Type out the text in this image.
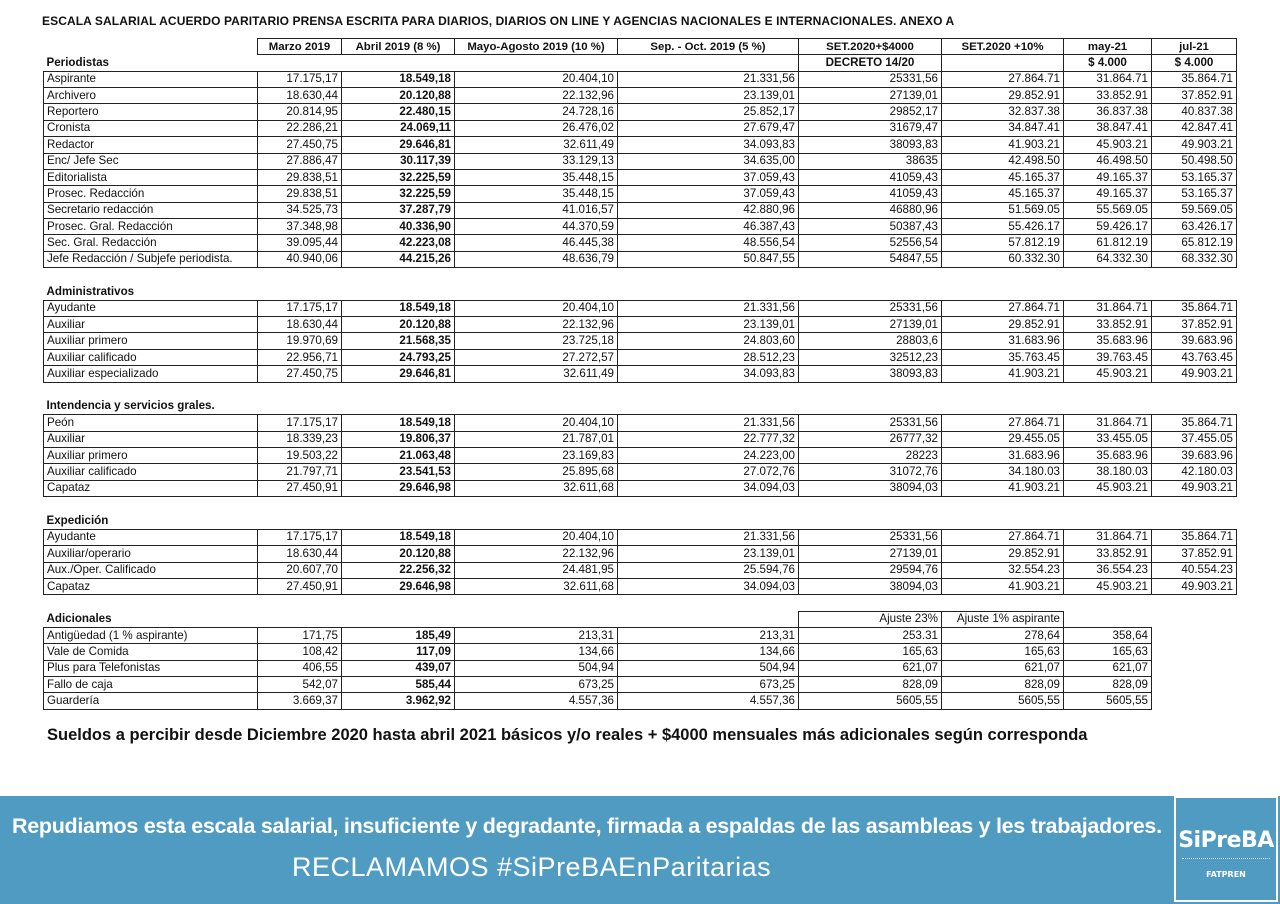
ESCALA SALARIAL ACUERDO PARITARIO PRENSA ESCRITA PARA DIARIOS, DIARIOS ON LINE Y AGENCIAS NACIONALES E INTERNACIONALES. ANEXO A
	Marzo 2019	Abril 2019 (8 %)	Mayo-Agosto 2019 (10 %)	Sep. - Oct. 2019 (5 %)	SET.2020+$4000	SET.2020 +10%	may-21	jul-21
Periodistas					DECRETO 14/20		$ 4.000	$ 4.000
Aspirante	17.175,17	18.549,18	20.404,10	21.331,56	25331,56	27.864.71	31.864.71	35.864.71
Archivero	18.630,44	20.120,88	22.132,96	23.139,01	27139,01	29.852.91	33.852.91	37.852.91
Reportero	20.814,95	22.480,15	24.728,16	25.852,17	29852,17	32.837.38	36.837.38	40.837.38
Cronista	22.286,21	24.069,11	26.476,02	27.679,47	31679,47	34.847.41	38.847.41	42.847.41
Redactor	27.450,75	29.646,81	32.611,49	34.093,83	38093,83	41.903.21	45.903.21	49.903.21
Enc/ Jefe Sec	27.886,47	30.117,39	33.129,13	34.635,00	38635	42.498.50	46.498.50	50.498.50
Editorialista	29.838,51	32.225,59	35.448,15	37.059,43	41059,43	45.165.37	49.165.37	53.165.37
Prosec. Redacción	29.838,51	32.225,59	35.448,15	37.059,43	41059,43	45.165.37	49.165.37	53.165.37
Secretario redacción	34.525,73	37.287,79	41.016,57	42.880,96	46880,96	51.569.05	55.569.05	59.569.05
Prosec. Gral. Redacción	37.348,98	40.336,90	44.370,59	46.387,43	50387,43	55.426.17	59.426.17	63.426.17
Sec. Gral. Redacción	39.095,44	42.223,08	46.445,38	48.556,54	52556,54	57.812.19	61.812.19	65.812.19
Jefe Redacción / Subjefe periodista.	40.940,06	44.215,26	48.636,79	50.847,55	54847,55	60.332.30	64.332.30	68.332.30

Administrativos								
Ayudante	17.175,17	18.549,18	20.404,10	21.331,56	25331,56	27.864.71	31.864.71	35.864.71
Auxiliar	18.630,44	20.120,88	22.132,96	23.139,01	27139,01	29.852.91	33.852.91	37.852.91
Auxiliar primero	19.970,69	21.568,35	23.725,18	24.803,60	28803,6	31.683.96	35.683.96	39.683.96
Auxiliar calificado	22.956,71	24.793,25	27.272,57	28.512,23	32512,23	35.763.45	39.763.45	43.763.45
Auxiliar especializado	27.450,75	29.646,81	32.611,49	34.093,83	38093,83	41.903.21	45.903.21	49.903.21

Intendencia y servicios grales.								
Peón	17.175,17	18.549,18	20.404,10	21.331,56	25331,56	27.864.71	31.864.71	35.864.71
Auxiliar	18.339,23	19.806,37	21.787,01	22.777,32	26777,32	29.455.05	33.455.05	37.455.05
Auxiliar primero	19.503,22	21.063,48	23.169,83	24.223,00	28223	31.683.96	35.683.96	39.683.96
Auxiliar calificado	21.797,71	23.541,53	25.895,68	27.072,76	31072,76	34.180.03	38.180.03	42.180.03
Capataz	27.450,91	29.646,98	32.611,68	34.094,03	38094,03	41.903.21	45.903.21	49.903.21

Expedición								
Ayudante	17.175,17	18.549,18	20.404,10	21.331,56	25331,56	27.864.71	31.864.71	35.864.71
Auxiliar/operario	18.630,44	20.120,88	22.132,96	23.139,01	27139,01	29.852.91	33.852.91	37.852.91
Aux./Oper. Calificado	20.607,70	22.256,32	24.481,95	25.594,76	29594,76	32.554.23	36.554.23	40.554.23
Capataz	27.450,91	29.646,98	32.611,68	34.094,03	38094,03	41.903.21	45.903.21	49.903.21

Adicionales					Ajuste 23%	Ajuste 1% aspirante		
Antigüedad (1 % aspirante)	171,75	185,49	213,31	213,31	253.31	278,64	358,64	
Vale de Comida	108,42	117,09	134,66	134,66	165,63	165,63	165,63	
Plus para Telefonistas	406,55	439,07	504,94	504,94	621,07	621,07	621,07	
Fallo de caja	542,07	585,44	673,25	673,25	828,09	828,09	828,09	
Guardería	3.669,37	3.962,92	4.557,36	4.557,36	5605,55	5605,55	5605,55	
Sueldos a percibir desde Diciembre 2020 hasta abril 2021 básicos y/o reales + $4000 mensuales más adicionales según corresponda
Repudiamos esta escala salarial, insuficiente y degradante, firmada a espaldas de las asambleas y les trabajadores.
RECLAMAMOS #SiPreBAEnParitarias
SiPreBA
FATPREN
